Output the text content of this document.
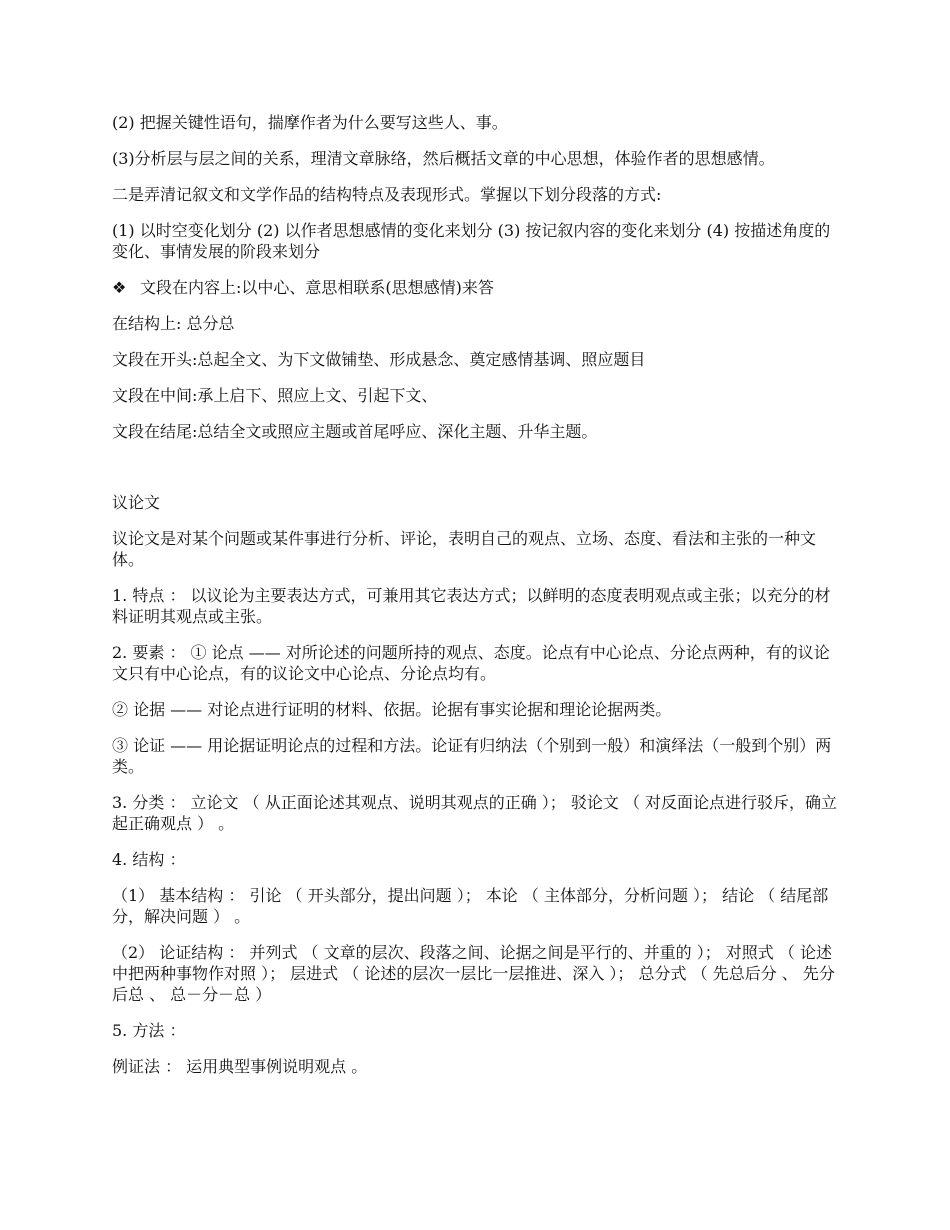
(2) 把握关键性语句，揣摩作者为什么要写这些人、事。

(3)分析层与层之间的关系，理清文章脉络，然后概括文章的中心思想，体验作者的思想感情。

二是弄清记叙文和文学作品的结构特点及表现形式。掌握以下划分段落的方式:

(1) 以时空变化划分 (2) 以作者思想感情的变化来划分 (3) 按记叙内容的变化来划分 (4) 按描述角度的变化、事情发展的阶段来划分

❖ 文段在内容上:以中心、意思相联系(思想感情)来答

在结构上: 总分总

文段在开头:总起全文、为下文做铺垫、形成悬念、奠定感情基调、照应题目

文段在中间:承上启下、照应上文、引起下文、

文段在结尾:总结全文或照应主题或首尾呼应、深化主题、升华主题。

议论文

议论文是对某个问题或某件事进行分析、评论，表明自己的观点、立场、态度、看法和主张的一种文体。

1. 特点 ： 以议论为主要表达方式，可兼用其它表达方式；以鲜明的态度表明观点或主张；以充分的材料证明其观点或主张。

2. 要素 ： ① 论点 —— 对所论述的问题所持的观点、态度。论点有中心论点、分论点两种，有的议论文只有中心论点，有的议论文中心论点、分论点均有。

② 论据 —— 对论点进行证明的材料、依据。论据有事实论据和理论论据两类。

③ 论证 —— 用论据证明论点的过程和方法。论证有归纳法（个别到一般）和演绎法（一般到个别）两类。

3. 分类 ： 立论文 （ 从正面论述其观点、说明其观点的正确 ）； 驳论文 （ 对反面论点进行驳斥，确立起正确观点 ） 。

4. 结构 ：

（1） 基本结构 ： 引论 （ 开头部分，提出问题 ）； 本论 （ 主体部分，分析问题 ）； 结论 （ 结尾部分，解决问题 ） 。

（2） 论证结构 ： 并列式 （ 文章的层次、段落之间、论据之间是平行的、并重的 ）； 对照式 （ 论述中把两种事物作对照 ）； 层进式 （ 论述的层次一层比一层推进、深入 ）； 总分式 （ 先总后分 、 先分后总 、 总－分－总 ）

5. 方法 ：

例证法 ： 运用典型事例说明观点 。
